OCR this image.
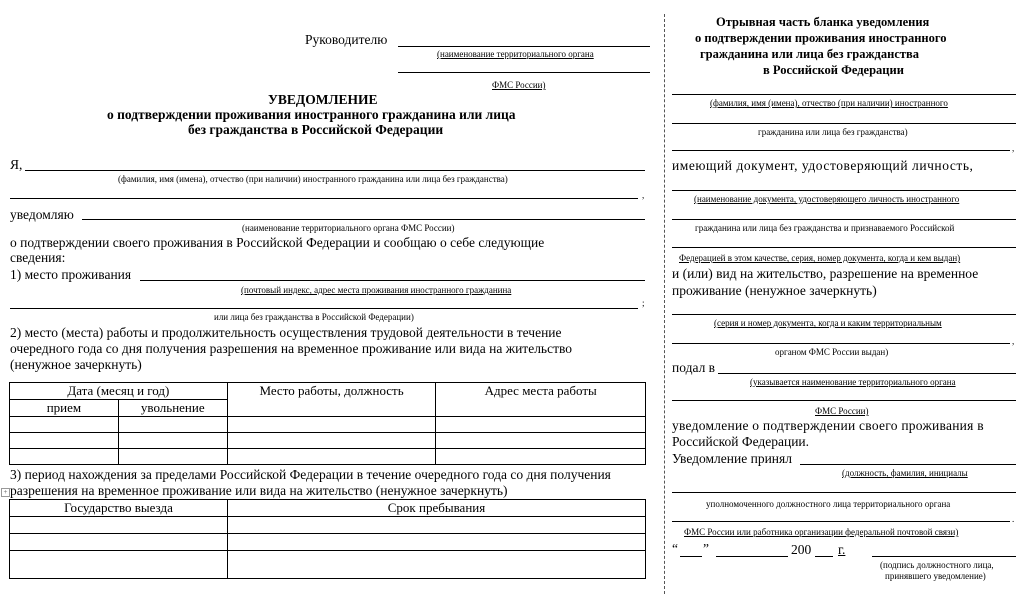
Руководителю
(наименование территориального органа
ФМС России)
УВЕДОМЛЕНИЕ
о подтверждении проживания иностранного гражданина или лица
без гражданства в Российской Федерации
Я,
(фамилия, имя (имена), отчество (при наличии) иностранного гражданина или лица без гражданства)
,
уведомляю
(наименование территориального органа ФМС России)
о подтверждении своего проживания в Российской Федерации и сообщаю о себе следующие
сведения:
1) место проживания
(почтовый индекс, адрес места проживания иностранного гражданина
;
или лица без гражданства в Российской Федерации)
2) место (места) работы и продолжительность осуществления трудовой деятельности в течение
очередного года со дня получения разрешения на временное проживание или вида на жительство
(ненужное зачеркнуть)
Дата (месяц и год)		Место работы, должность	Адрес места работы
прием	увольнение		

3) период нахождения за пределами Российской Федерации в течение очередного года со дня получения
+ разрешения на временное проживание или вида на жительство (ненужное зачеркнуть)
Государство выезда	Срок пребывания

Отрывная часть бланка уведомления
о подтверждении проживания иностранного
гражданина или лица без гражданства
в Российской Федерации
(фамилия, имя (имена), отчество (при наличии) иностранного
гражданина или лица без гражданства)
,
имеющий документ, удостоверяющий личность,
(наименование документа, удостоверяющего личность иностранного
гражданина или лица без гражданства и признаваемого Российской
Федерацией в этом качестве, серия, номер документа, когда и кем выдан)
и (или) вид на жительство, разрешение на временное
проживание (ненужное зачеркнуть)
(серия и номер документа, когда и каким территориальным
,
органом ФМС России выдан)
подал в
(указывается наименование территориального органа
ФМС России)
уведомление о подтверждении своего проживания в
Российской Федерации.
Уведомление принял
(должность, фамилия, инициалы
уполномоченного должностного лица территориального органа
.
ФМС России или работника организации федеральной почтовой связи)
“ ”	200 г.
(подпись должностного лица,
принявшего уведомление)
